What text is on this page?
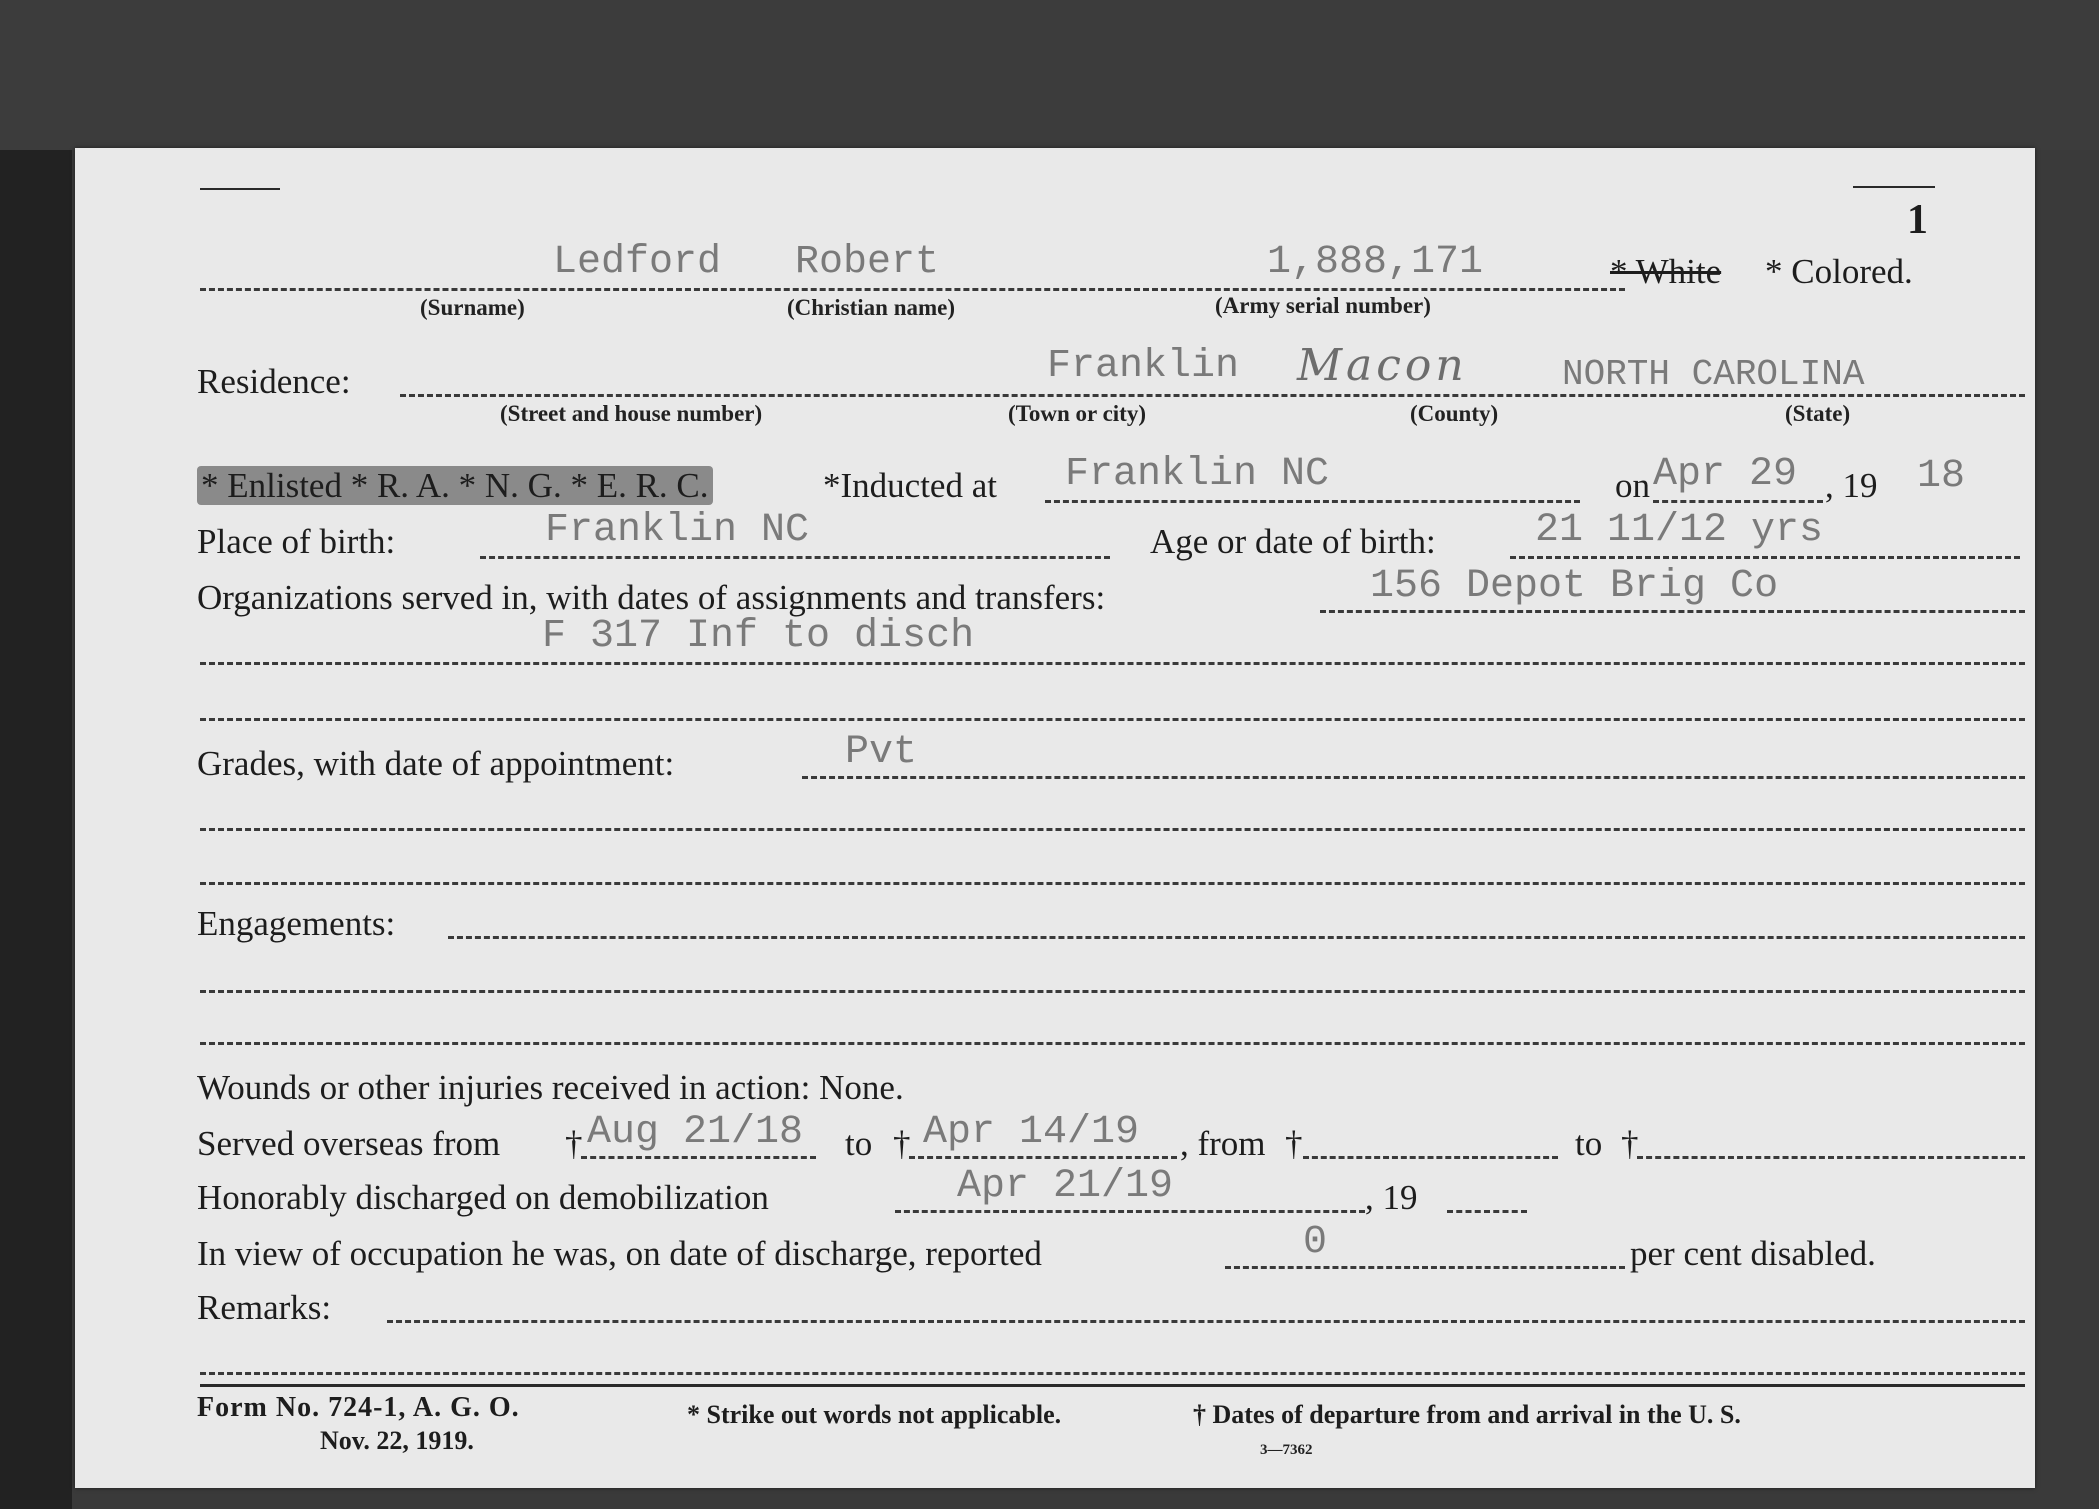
1
Ledford Robert	1,888,171	* White * Colored.
(Surname)	(Christian name)	(Army serial number)
Residence:	Franklin Macon	NORTH CAROLINA
(Street and house number)	(Town or city)	(County)	(State)
* Enlisted * R. A. * N. G. * E. R. C.	*Inducted at Franklin NC	on Apr 29 , 19 18
Place of birth:	Franklin NC	Age or date of birth: 21 11/12 yrs
Organizations served in, with dates of assignments and transfers:	156 Depot Brig Co
F 317 Inf to disch
Grades, with date of appointment:	Pvt
Engagements:
Wounds or other injuries received in action: None.
Served overseas from † Aug 21/18 to † Apr 14/19 , from †	to †
Honorably discharged on demobilization	Apr 21/19	, 19
In view of occupation he was, on date of discharge, reported	0	per cent disabled.
Remarks:
Form No. 724-1, A. G. O.
Nov. 22, 1919.
* Strike out words not applicable.	† Dates of departure from and arrival in the U. S.
3—7362
